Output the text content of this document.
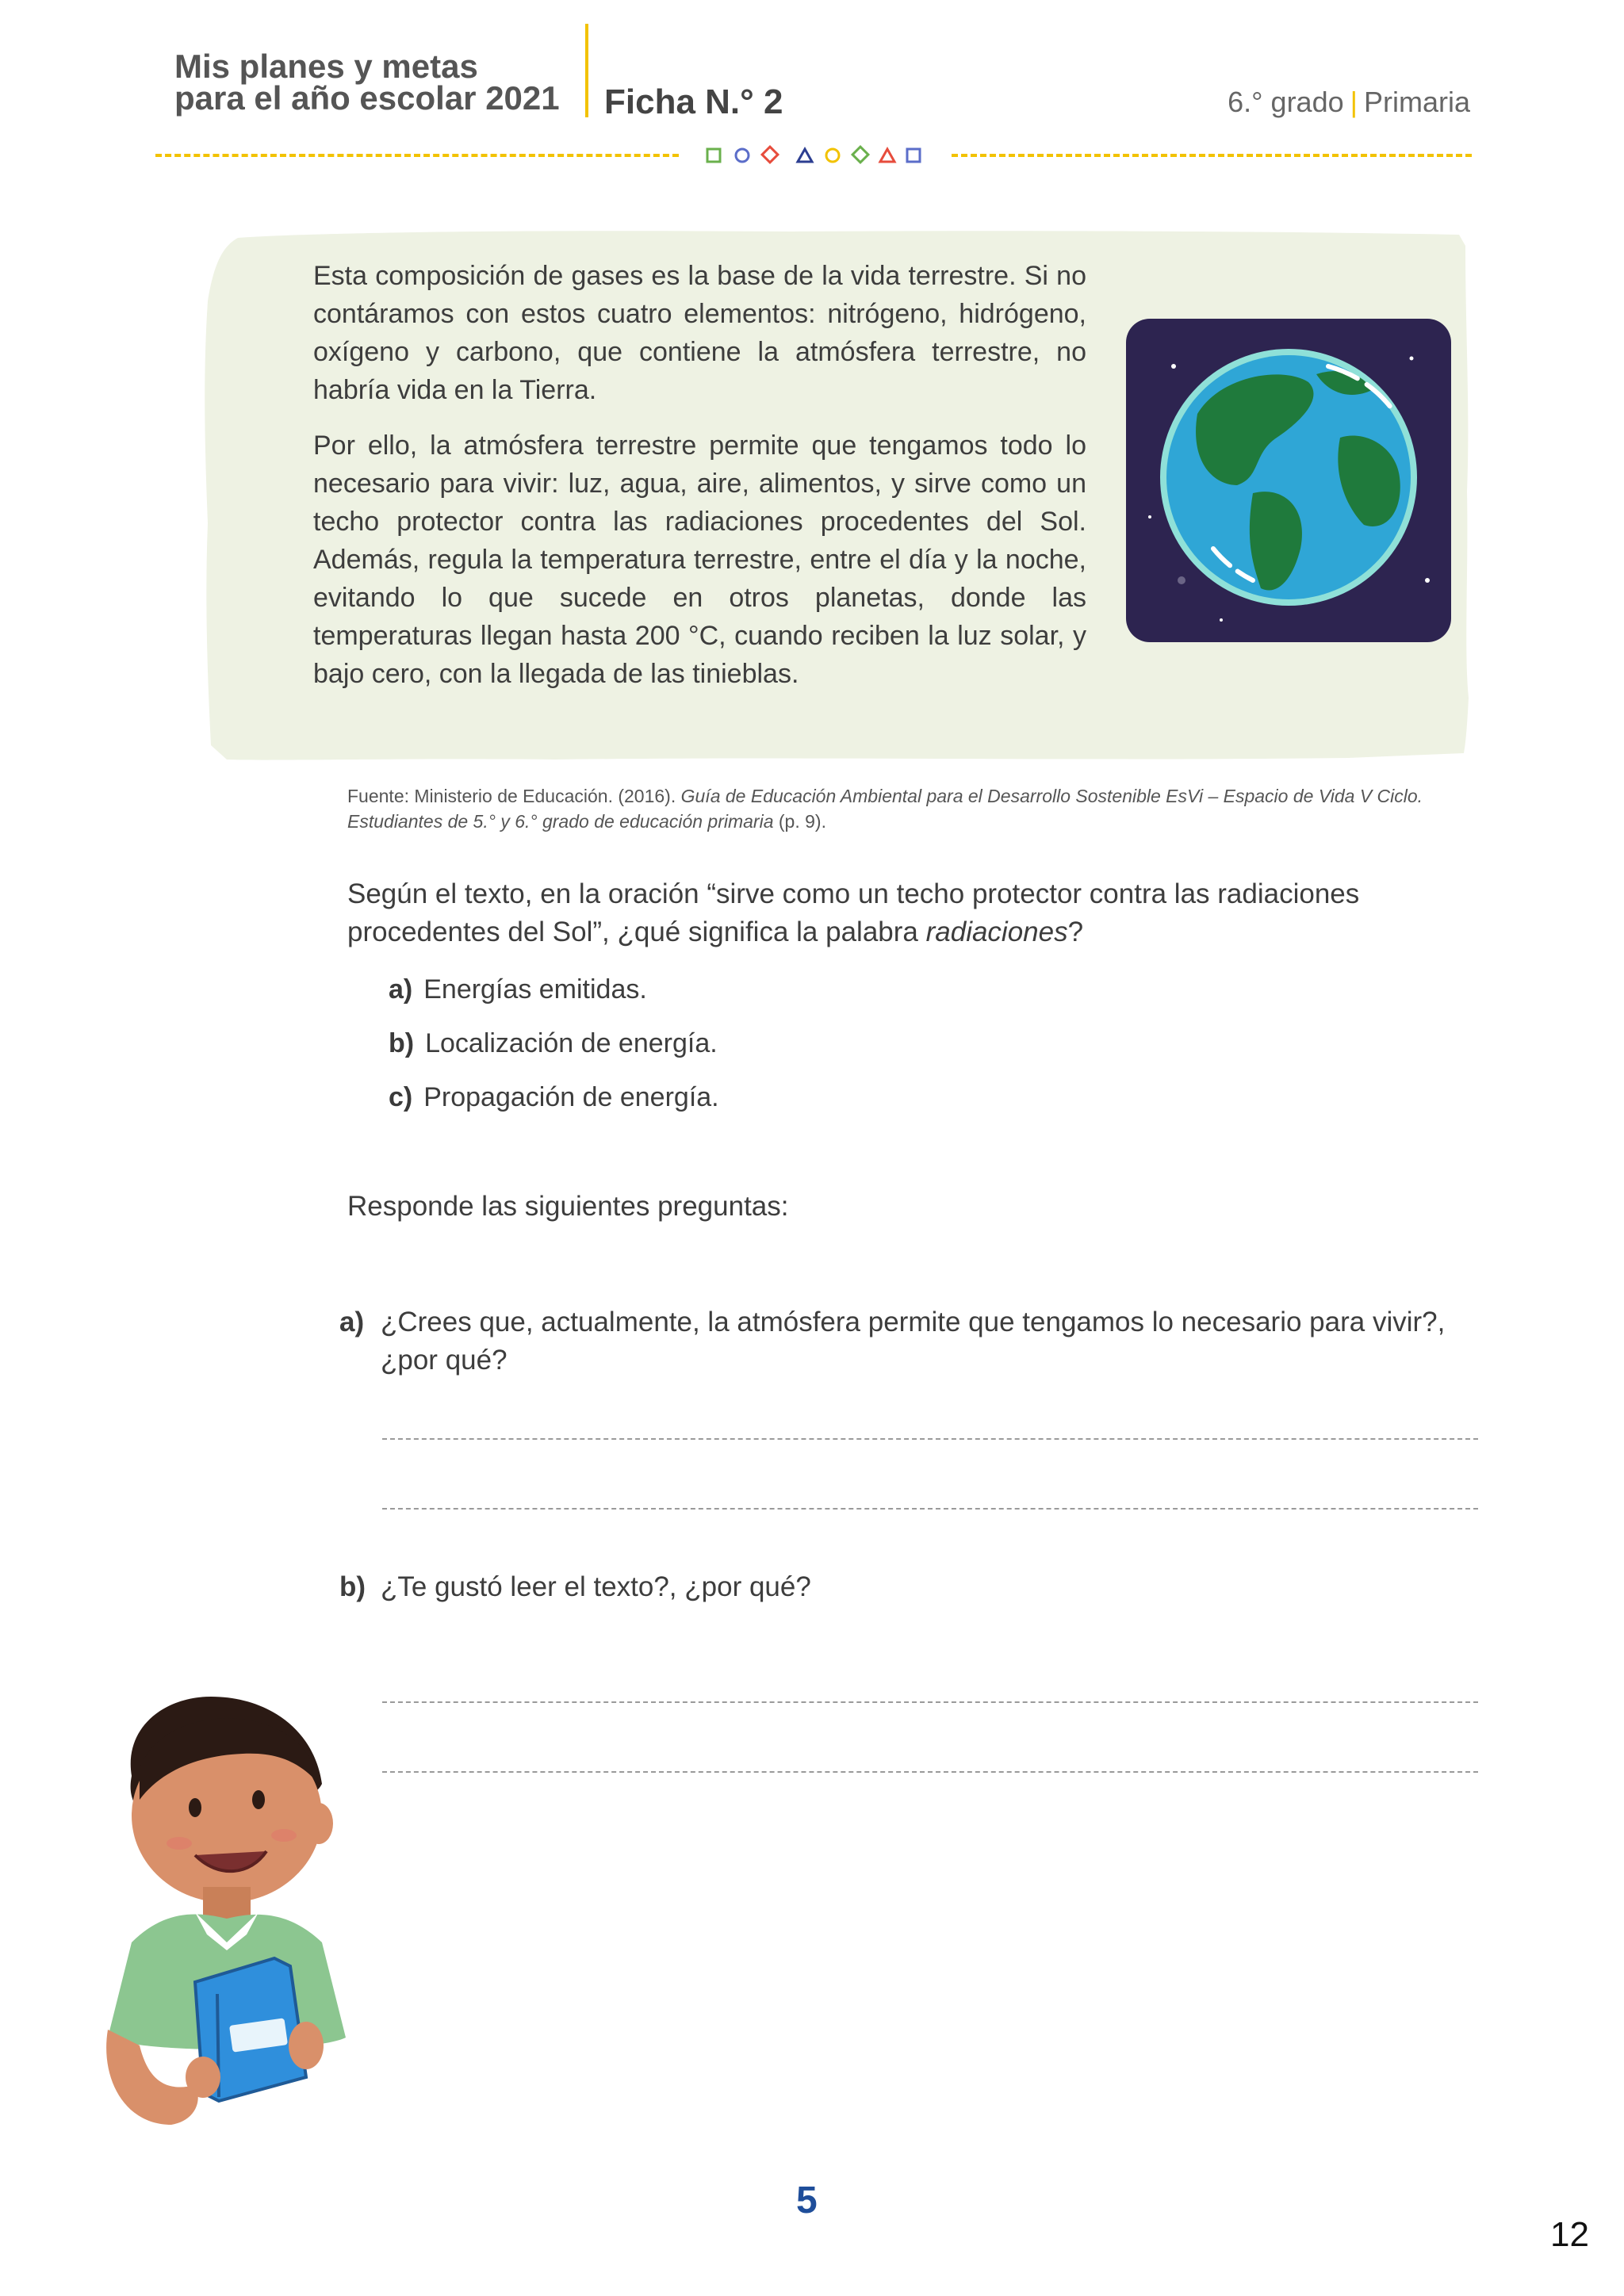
Mis planes y metas
para el año escolar 2021 Ficha N.° 2	6.° grado | Primaria
Esta composición de gases es la base de la vida terrestre. Si no contáramos con estos cuatro elementos: nitrógeno, hidrógeno, oxígeno y carbono, que contiene la atmósfera terrestre, no habría vida en la Tierra.
Por ello, la atmósfera terrestre permite que tengamos todo lo necesario para vivir: luz, agua, aire, alimentos, y sirve como un techo protector contra las radiaciones procedentes del Sol. Además, regula la temperatura terrestre, entre el día y la noche, evitando lo que sucede en otros planetas, donde las temperaturas llegan hasta 200 °C, cuando reciben la luz solar, y bajo cero, con la llegada de las tinieblas.
Fuente: Ministerio de Educación. (2016). Guía de Educación Ambiental para el Desarrollo Sostenible EsVi – Espacio de Vida V Ciclo. Estudiantes de 5.° y 6.° grado de educación primaria (p. 9).
Según el texto, en la oración “sirve como un techo protector contra las radiaciones procedentes del Sol”, ¿qué significa la palabra radiaciones?
a) Energías emitidas.
b) Localización de energía.
c) Propagación de energía.
Responde las siguientes preguntas:
a) ¿Crees que, actualmente, la atmósfera permite que tengamos lo necesario para vivir?, ¿por qué?
b) ¿Te gustó leer el texto?, ¿por qué?
5
12
